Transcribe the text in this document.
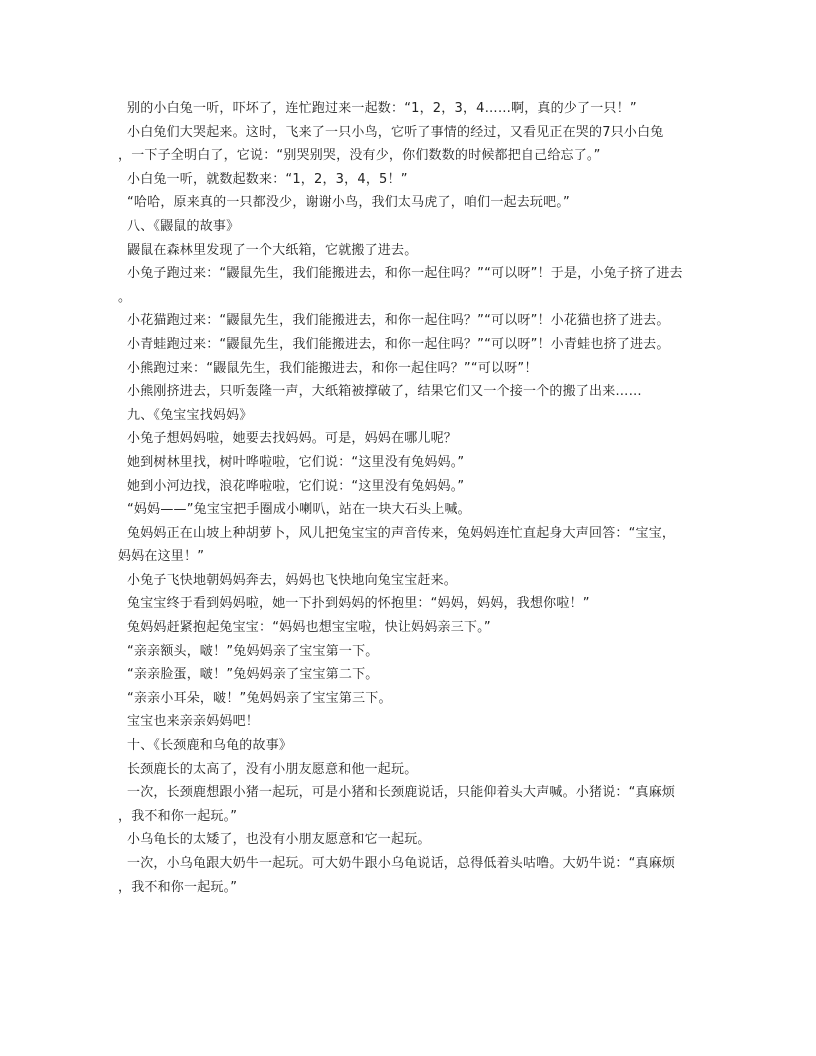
别的小白兔一听，吓坏了，连忙跑过来一起数：“1，2，3，4……啊，真的少了一只！”
小白兔们大哭起来。这时，飞来了一只小鸟，它听了事情的经过，又看见正在哭的7只小白兔
，一下子全明白了，它说：“别哭别哭，没有少，你们数数的时候都把自己给忘了。”
小白兔一听，就数起数来：“1，2，3，4，5！”
“哈哈，原来真的一只都没少，谢谢小鸟，我们太马虎了，咱们一起去玩吧。”
八、《鼹鼠的故事》
鼹鼠在森林里发现了一个大纸箱，它就搬了进去。
小兔子跑过来：“鼹鼠先生，我们能搬进去，和你一起住吗？”“可以呀”！于是，小兔子挤了进去
。
小花猫跑过来：“鼹鼠先生，我们能搬进去，和你一起住吗？”“可以呀”！小花猫也挤了进去。
小青蛙跑过来：“鼹鼠先生，我们能搬进去，和你一起住吗？”“可以呀”！小青蛙也挤了进去。
小熊跑过来：“鼹鼠先生，我们能搬进去，和你一起住吗？”“可以呀”！
小熊刚挤进去，只听轰隆一声，大纸箱被撑破了，结果它们又一个接一个的搬了出来……
九、《兔宝宝找妈妈》
小兔子想妈妈啦，她要去找妈妈。可是，妈妈在哪儿呢？
她到树林里找，树叶哗啦啦，它们说：“这里没有兔妈妈。”
她到小河边找，浪花哗啦啦，它们说：“这里没有兔妈妈。”
“妈妈——”兔宝宝把手圈成小喇叭，站在一块大石头上喊。
兔妈妈正在山坡上种胡萝卜，风儿把兔宝宝的声音传来，兔妈妈连忙直起身大声回答：“宝宝，
妈妈在这里！”
小兔子飞快地朝妈妈奔去，妈妈也飞快地向兔宝宝赶来。
兔宝宝终于看到妈妈啦，她一下扑到妈妈的怀抱里：“妈妈，妈妈，我想你啦！”
兔妈妈赶紧抱起兔宝宝：“妈妈也想宝宝啦，快让妈妈亲三下。”
“亲亲额头，啵！”兔妈妈亲了宝宝第一下。
“亲亲脸蛋，啵！”兔妈妈亲了宝宝第二下。
“亲亲小耳朵，啵！”兔妈妈亲了宝宝第三下。
宝宝也来亲亲妈妈吧！
十、《长颈鹿和乌龟的故事》
长颈鹿长的太高了，没有小朋友愿意和他一起玩。
一次，长颈鹿想跟小猪一起玩，可是小猪和长颈鹿说话，只能仰着头大声喊。小猪说：“真麻烦
，我不和你一起玩。”
小乌龟长的太矮了，也没有小朋友愿意和它一起玩。
一次，小乌龟跟大奶牛一起玩。可大奶牛跟小乌龟说话，总得低着头咕噜。大奶牛说：“真麻烦
，我不和你一起玩。”
